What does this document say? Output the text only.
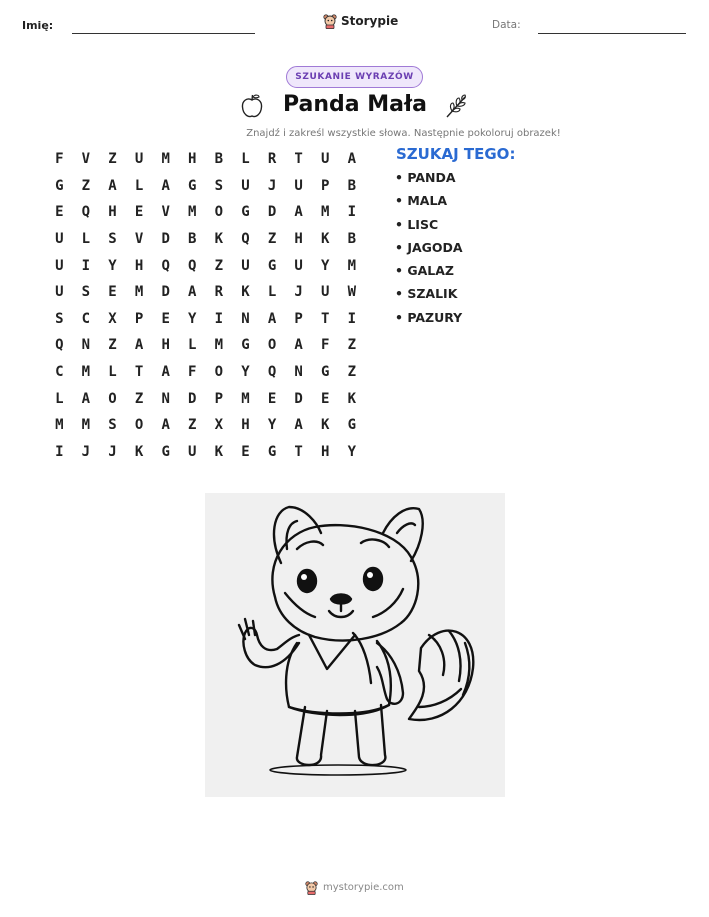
Imię:	Storypie	Data:
SZUKANIE WYRAZÓW
Panda Mała
Znajdź i zakreśl wszystkie słowa. Następnie pokoloruj obrazek!
F	V	Z	U	M	H	B	L	R	T	U	A
G	Z	A	L	A	G	S	U	J	U	P	B
E	Q	H	E	V	M	O	G	D	A	M	I
U	L	S	V	D	B	K	Q	Z	H	K	B
U	I	Y	H	Q	Q	Z	U	G	U	Y	M
U	S	E	M	D	A	R	K	L	J	U	W
S	C	X	P	E	Y	I	N	A	P	T	I
Q	N	Z	A	H	L	M	G	O	A	F	Z
C	M	L	T	A	F	O	Y	Q	N	G	Z
L	A	O	Z	N	D	P	M	E	D	E	K
M	M	S	O	A	Z	X	H	Y	A	K	G
I	J	J	K	G	U	K	E	G	T	H	Y
SZUKAJ TEGO:
• PANDA
• MALA
• LISC
• JAGODA
• GALAZ
• SZALIK
• PAZURY
mystorypie.com
